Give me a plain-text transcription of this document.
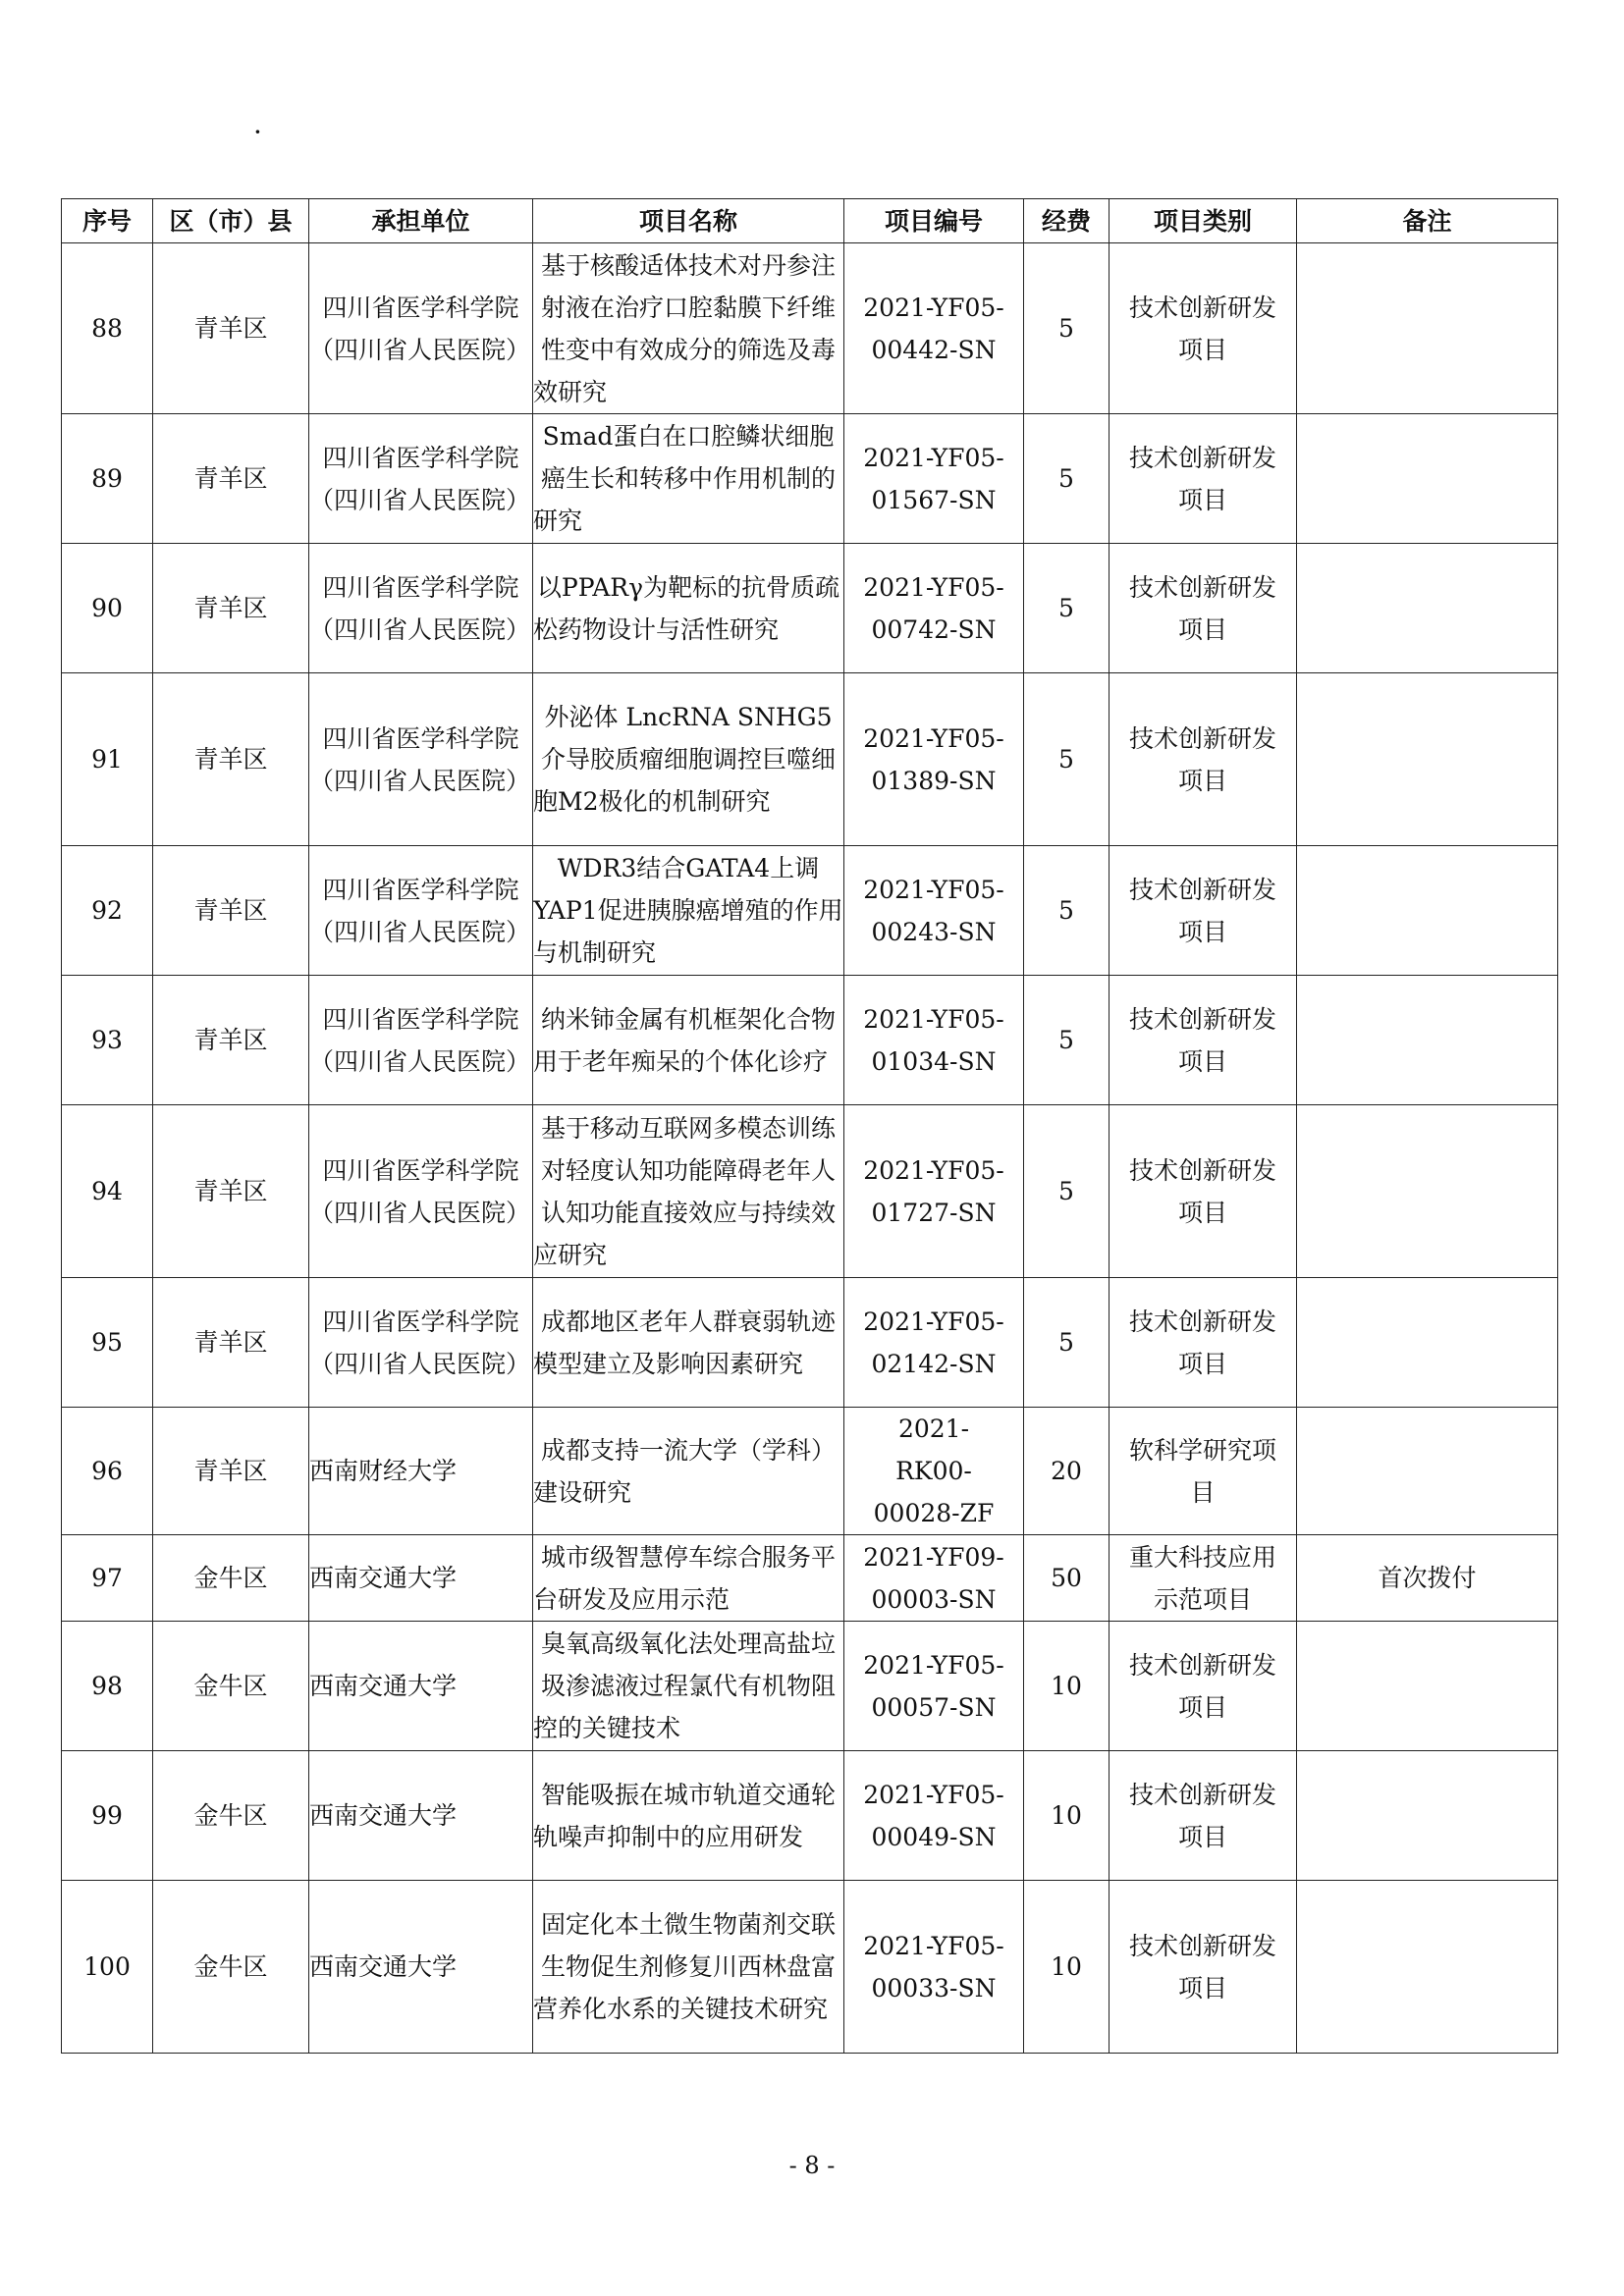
·
序号	区（市）县	承担单位	项目名称	项目编号	经费	项目类别	备注
88	青羊区	四川省医学科学院（四川省人民医院）	基于核酸适体技术对丹参注射液在治疗口腔黏膜下纤维性变中有效成分的筛选及毒效研究	2021-YF05-00442-SN	5	技术创新研发项目	
89	青羊区	四川省医学科学院（四川省人民医院）	Smad蛋白在口腔鳞状细胞癌生长和转移中作用机制的研究	2021-YF05-01567-SN	5	技术创新研发项目	
90	青羊区	四川省医学科学院（四川省人民医院）	以PPARγ为靶标的抗骨质疏松药物设计与活性研究	2021-YF05-00742-SN	5	技术创新研发项目	
91	青羊区	四川省医学科学院（四川省人民医院）	外泌体 LncRNA SNHG5介导胶质瘤细胞调控巨噬细胞M2极化的机制研究	2021-YF05-01389-SN	5	技术创新研发项目	
92	青羊区	四川省医学科学院（四川省人民医院）	WDR3结合GATA4上调YAP1促进胰腺癌增殖的作用与机制研究	2021-YF05-00243-SN	5	技术创新研发项目	
93	青羊区	四川省医学科学院（四川省人民医院）	纳米铈金属有机框架化合物用于老年痴呆的个体化诊疗	2021-YF05-01034-SN	5	技术创新研发项目	
94	青羊区	四川省医学科学院（四川省人民医院）	基于移动互联网多模态训练对轻度认知功能障碍老年人认知功能直接效应与持续效应研究	2021-YF05-01727-SN	5	技术创新研发项目	
95	青羊区	四川省医学科学院（四川省人民医院）	成都地区老年人群衰弱轨迹模型建立及影响因素研究	2021-YF05-02142-SN	5	技术创新研发项目	
96	青羊区	西南财经大学	成都支持一流大学（学科）建设研究	2021-RK00-00028-ZF	20	软科学研究项目	
97	金牛区	西南交通大学	城市级智慧停车综合服务平台研发及应用示范	2021-YF09-00003-SN	50	重大科技应用示范项目	首次拨付
98	金牛区	西南交通大学	臭氧高级氧化法处理高盐垃圾渗滤液过程氯代有机物阻控的关键技术	2021-YF05-00057-SN	10	技术创新研发项目	
99	金牛区	西南交通大学	智能吸振在城市轨道交通轮轨噪声抑制中的应用研发	2021-YF05-00049-SN	10	技术创新研发项目	
100	金牛区	西南交通大学	固定化本土微生物菌剂交联生物促生剂修复川西林盘富营养化水系的关键技术研究	2021-YF05-00033-SN	10	技术创新研发项目	
- 8 -
